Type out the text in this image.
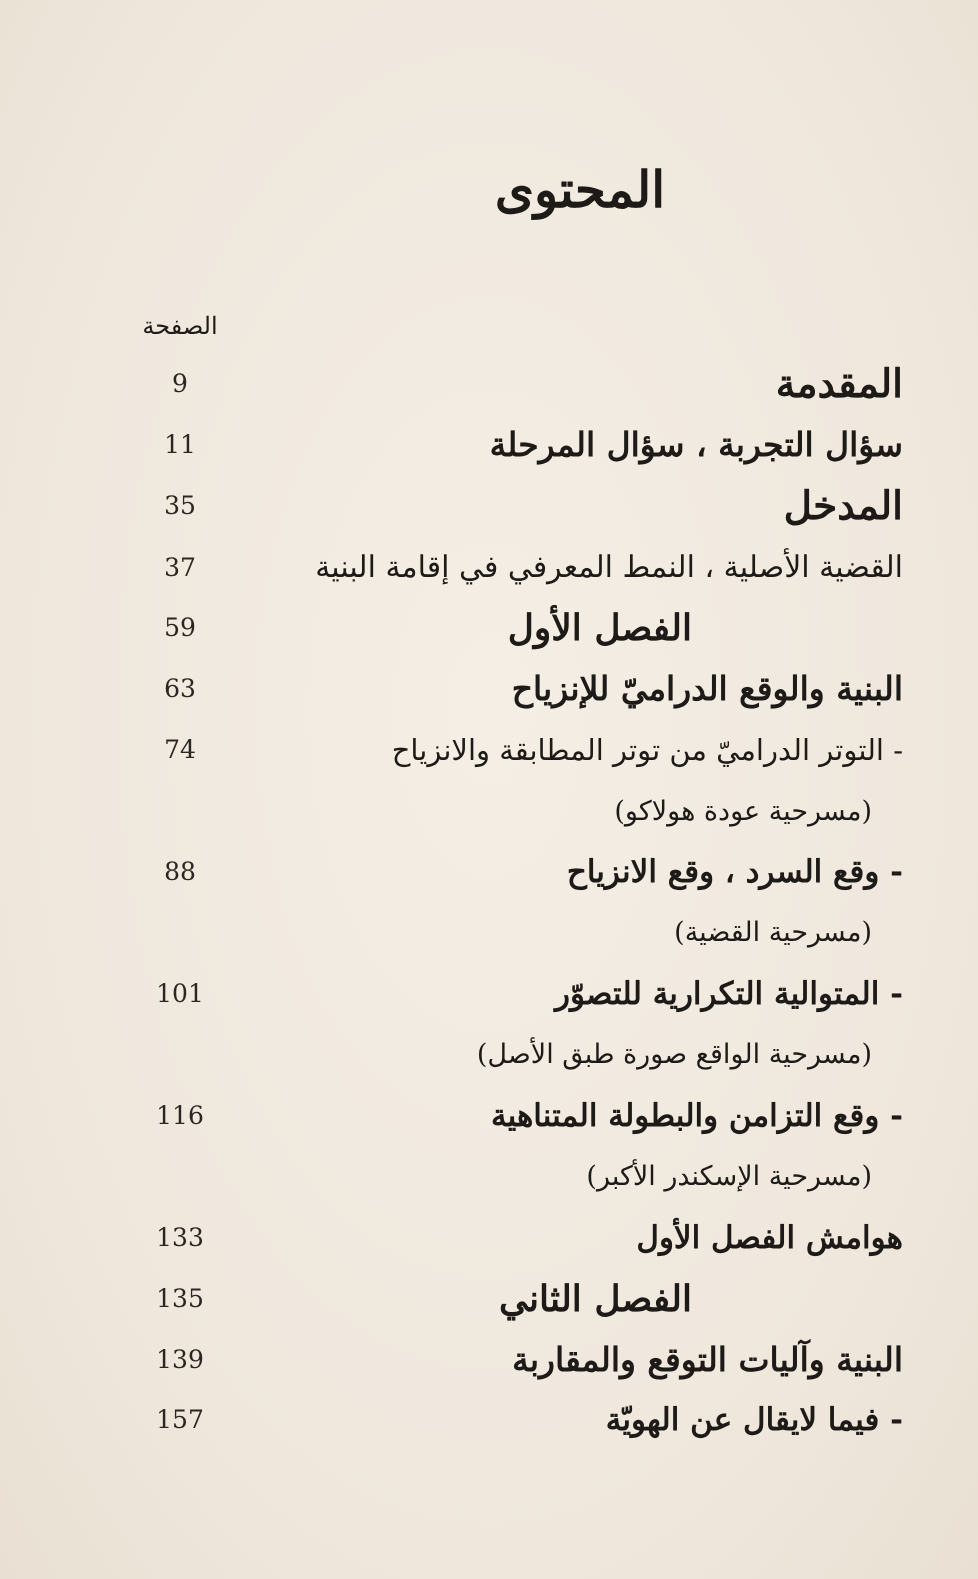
المحتوى
الصفحة
المقدمة
9
سؤال التجربة ، سؤال المرحلة
11
المدخل
35
القضية الأصلية ، النمط المعرفي في إقامة البنية
37
الفصل الأول
59
البنية والوقع الدراميّ للإنزياح
63
- التوتر الدراميّ من توتر المطابقة والانزياح
74
(مسرحية عودة هولاكو)
- وقع السرد ، وقع الانزياح
88
(مسرحية القضية)
- المتوالية التكرارية للتصوّر
101
(مسرحية الواقع صورة طبق الأصل)
- وقع التزامن والبطولة المتناهية
116
(مسرحية الإسكندر الأكبر)
هوامش الفصل الأول
133
الفصل الثاني
135
البنية وآليات التوقع والمقاربة
139
- فيما لايقال عن الهويّة
157
